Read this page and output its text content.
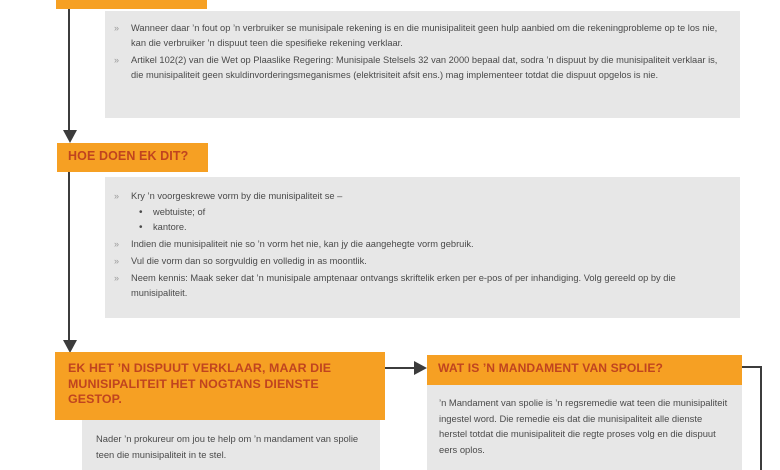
» Wanneer daar ’n fout op ’n verbruiker se munisipale rekening is en die munisipaliteit geen hulp aanbied om die rekeningprobleme op te los nie, kan die verbruiker ’n dispuut teen die spesifieke rekening verklaar.
» Artikel 102(2) van die Wet op Plaaslike Regering: Munisipale Stelsels 32 van 2000 bepaal dat, sodra ’n dispuut by die munisipaliteit verklaar is, die munisipaliteit geen skuldinvorderingsmeganismes (elektrisiteit afsit ens.) mag implementeer totdat die dispuut opgelos is nie.
HOE DOEN EK DIT?
» Kry ’n voorgeskrewe vorm by die munisipaliteit se –
• webtuiste; of
• kantore.
» Indien die munisipaliteit nie so ’n vorm het nie, kan jy die aangehegte vorm gebruik.
» Vul die vorm dan so sorgvuldig en volledig in as moontlik.
» Neem kennis: Maak seker dat ’n munisipale amptenaar ontvangs skriftelik erken per e-pos of per inhandiging. Volg gereeld op by die munisipaliteit.
EK HET ’N DISPUUT VERKLAAR, MAAR DIE MUNISIPALITEIT HET NOGTANS DIENSTE GESTOP.
Nader ’n prokureur om jou te help om ’n mandament van spolie teen die munisipaliteit in te stel.
WAT IS ’N MANDAMENT VAN SPOLIE?
’n Mandament van spolie is ’n regsremedie wat teen die munisipaliteit ingestel word. Die remedie eis dat die munisipaliteit alle dienste herstel totdat die munisipaliteit die regte proses volg en die dispuut eers oplos.
